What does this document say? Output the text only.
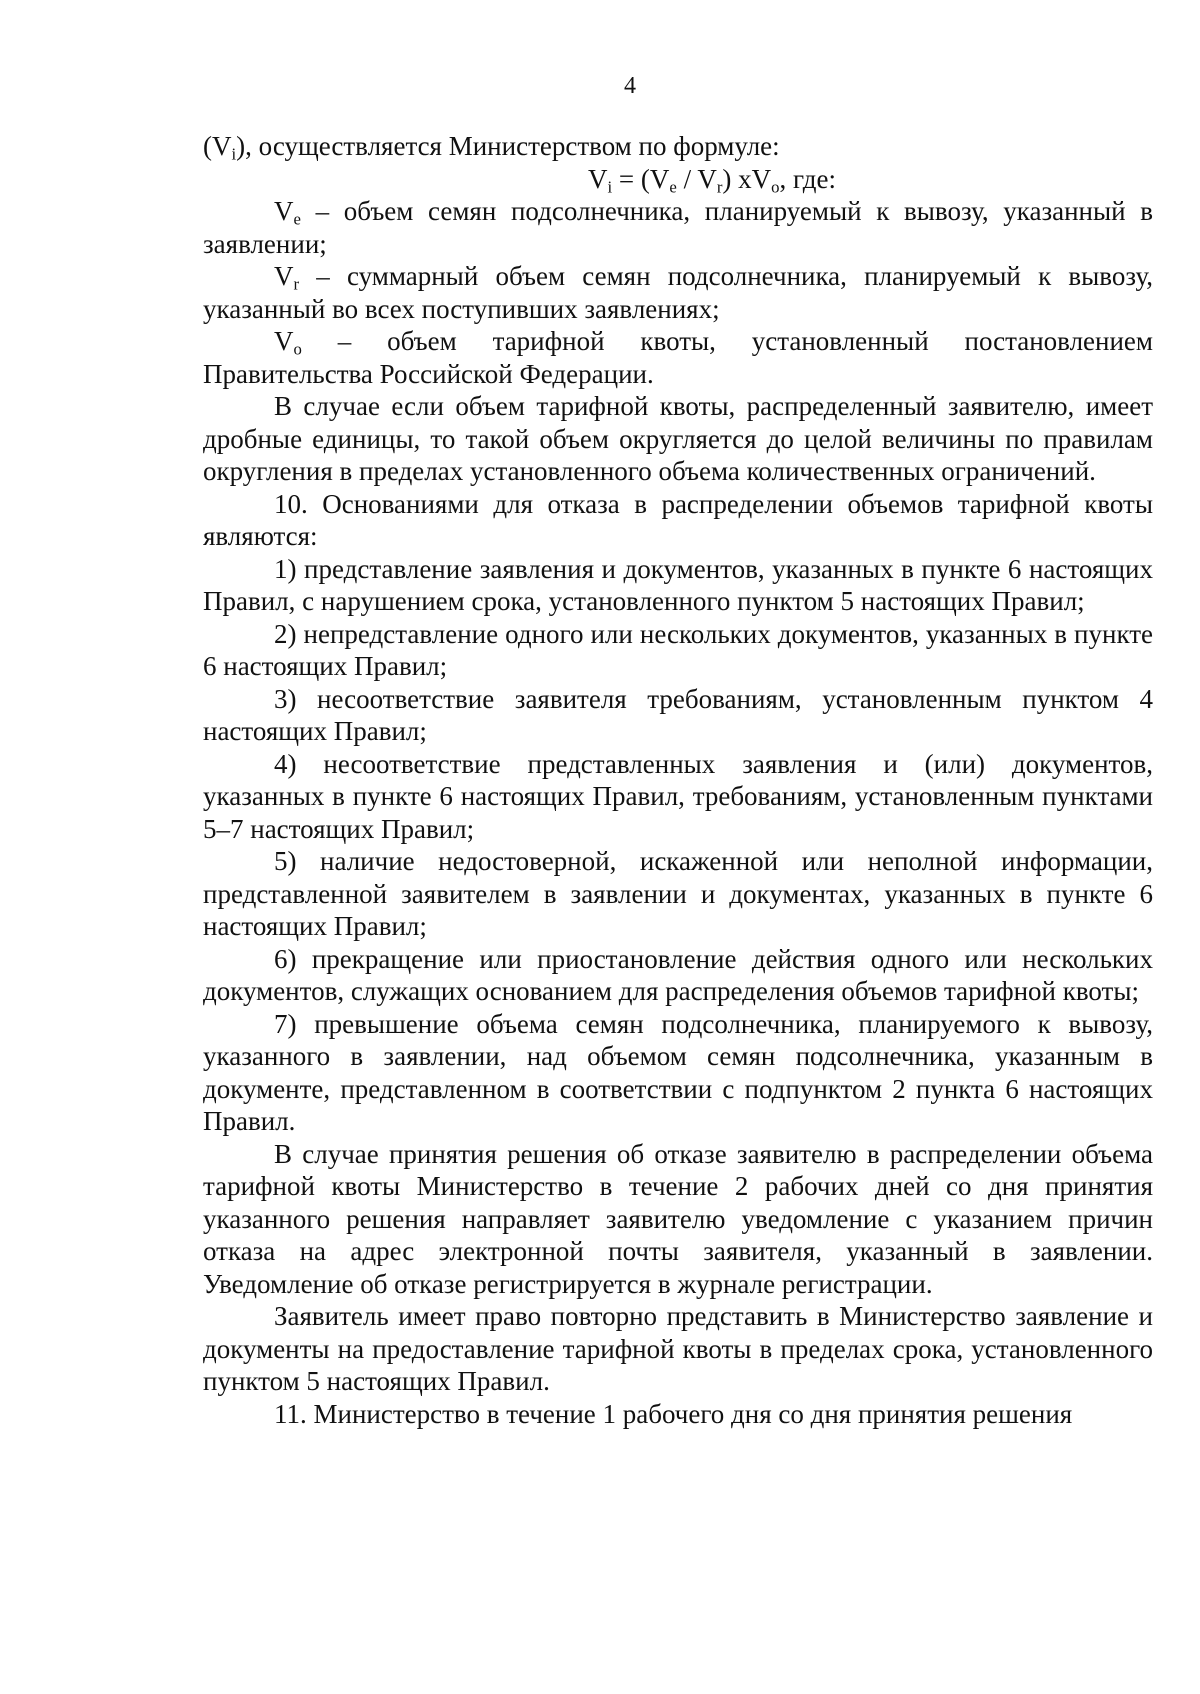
4

$(V_i)$, осуществляется Министерством по формуле:

$V_i = (V_e / V_r)$ $xV_o$, где:

$V_e$ – объем семян подсолнечника, планируемый к вывозу, указанный в заявлении;

$V_r$ – суммарный объем семян подсолнечника, планируемый к вывозу, указанный во всех поступивших заявлениях;

$V_o$ – объем тарифной квоты, установленный постановлением Правительства Российской Федерации.

В случае если объем тарифной квоты, распределенный заявителю, имеет дробные единицы, то такой объем округляется до целой величины по правилам округления в пределах установленного объема количественных ограничений.

10. Основаниями для отказа в распределении объемов тарифной квоты являются:

1) представление заявления и документов, указанных в пункте 6 настоящих Правил, с нарушением срока, установленного пунктом 5 настоящих Правил;

2) непредставление одного или нескольких документов, указанных в пункте 6 настоящих Правил;

3) несоответствие заявителя требованиям, установленным пунктом 4 настоящих Правил;

4) несоответствие представленных заявления и (или) документов, указанных в пункте 6 настоящих Правил, требованиям, установленным пунктами 5–7 настоящих Правил;

5) наличие недостоверной, искаженной или неполной информации, представленной заявителем в заявлении и документах, указанных в пункте 6 настоящих Правил;

6) прекращение или приостановление действия одного или нескольких документов, служащих основанием для распределения объемов тарифной квоты;

7) превышение объема семян подсолнечника, планируемого к вывозу, указанного в заявлении, над объемом семян подсолнечника, указанным в документе, представленном в соответствии с подпунктом 2 пункта 6 настоящих Правил.

В случае принятия решения об отказе заявителю в распределении объема тарифной квоты Министерство в течение 2 рабочих дней со дня принятия указанного решения направляет заявителю уведомление с указанием причин отказа на адрес электронной почты заявителя, указанный в заявлении. Уведомление об отказе регистрируется в журнале регистрации.

Заявитель имеет право повторно представить в Министерство заявление и документы на предоставление тарифной квоты в пределах срока, установленного пунктом 5 настоящих Правил.

11. Министерство в течение 1 рабочего дня со дня принятия решения
